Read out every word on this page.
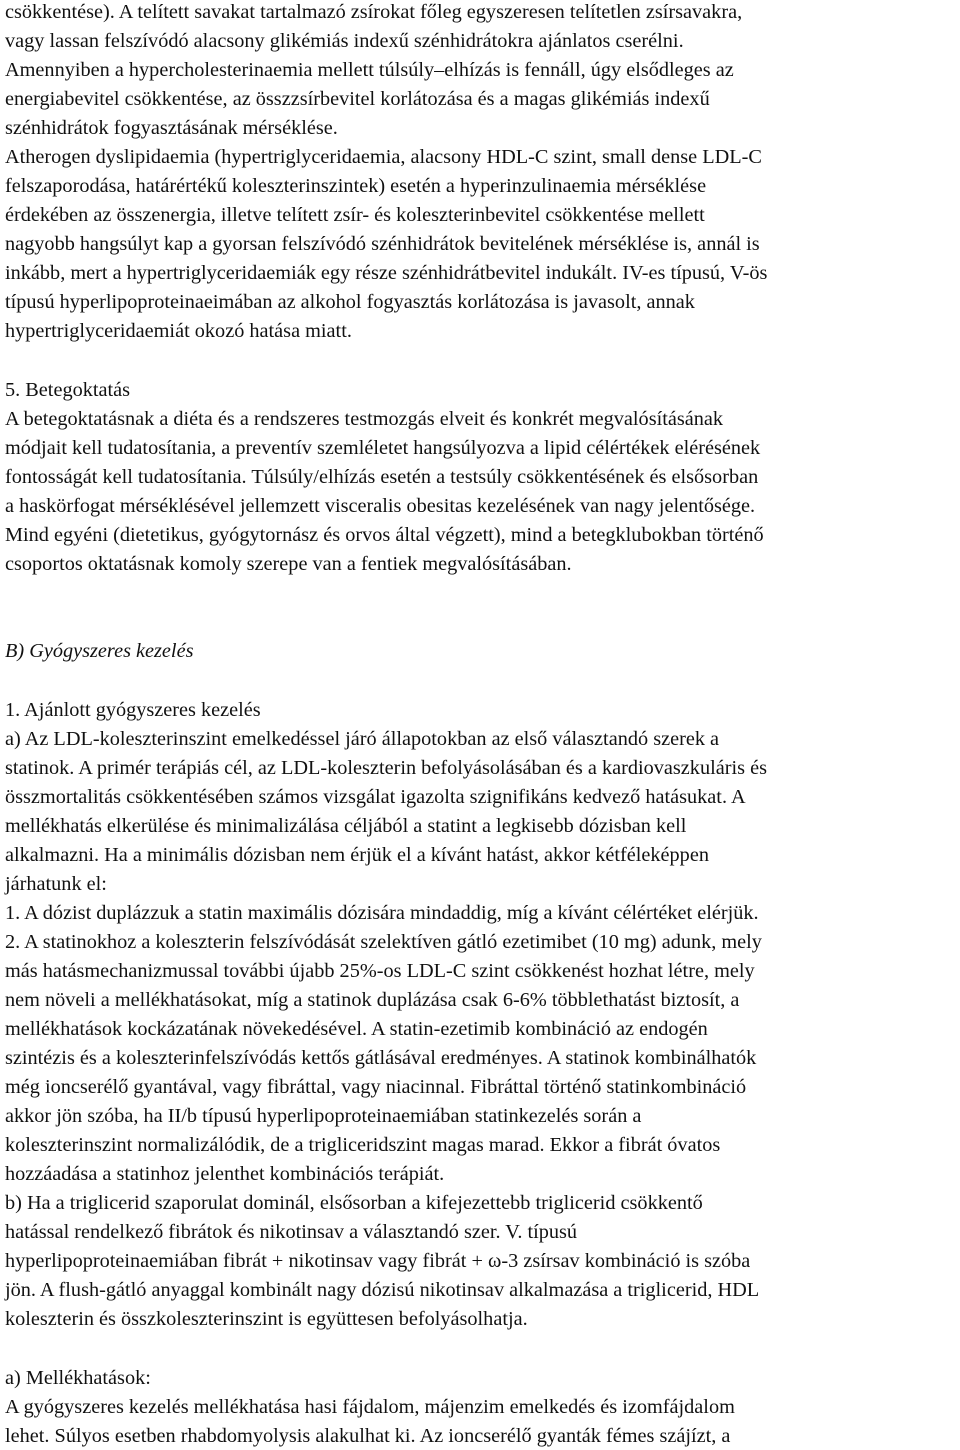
csökkentése). A telített savakat tartalmazó zsírokat főleg egyszeresen telítetlen zsírsavakra,
vagy lassan felszívódó alacsony glikémiás indexű szénhidrátokra ajánlatos cserélni.
Amennyiben a hypercholesterinaemia mellett túlsúly–elhízás is fennáll, úgy elsődleges az
energiabevitel csökkentése, az összzsírbevitel korlátozása és a magas glikémiás indexű
szénhidrátok fogyasztásának mérséklése.
Atherogen dyslipidaemia (hypertriglyceridaemia, alacsony HDL-C szint, small dense LDL-C
felszaporodása, határértékű koleszterinszintek) esetén a hyperinzulinaemia mérséklése
érdekében az összenergia, illetve telített zsír- és koleszterinbevitel csökkentése mellett
nagyobb hangsúlyt kap a gyorsan felszívódó szénhidrátok bevitelének mérséklése is, annál is
inkább, mert a hypertriglyceridaemiák egy része szénhidrátbevitel indukált. IV-es típusú, V-ös
típusú hyperlipoproteinaeimában az alkohol fogyasztás korlátozása is javasolt, annak
hypertriglyceridaemiát okozó hatása miatt.
5. Betegoktatás
A betegoktatásnak a diéta és a rendszeres testmozgás elveit és konkrét megvalósításának
módjait kell tudatosítania, a preventív szemléletet hangsúlyozva a lipid célértékek elérésének
fontosságát kell tudatosítania. Túlsúly/elhízás esetén a testsúly csökkentésének és elsősorban
a haskörfogat mérséklésével jellemzett visceralis obesitas kezelésének van nagy jelentősége.
Mind egyéni (dietetikus, gyógytornász és orvos által végzett), mind a betegklubokban történő
csoportos oktatásnak komoly szerepe van a fentiek megvalósításában.
B) Gyógyszeres kezelés
1. Ajánlott gyógyszeres kezelés
a) Az LDL-koleszterinszint emelkedéssel járó állapotokban az első választandó szerek a
statinok. A primér terápiás cél, az LDL-koleszterin befolyásolásában és a kardiovaszkuláris és
összmortalitás csökkentésében számos vizsgálat igazolta szignifikáns kedvező hatásukat. A
mellékhatás elkerülése és minimalizálása céljából a statint a legkisebb dózisban kell
alkalmazni. Ha a minimális dózisban nem érjük el a kívánt hatást, akkor kétféleképpen
járhatunk el:
1. A dózist duplázzuk a statin maximális dózisára mindaddig, míg a kívánt célértéket elérjük.
2. A statinokhoz a koleszterin felszívódását szelektíven gátló ezetimibet (10 mg) adunk, mely
más hatásmechanizmussal további újabb 25%-os LDL-C szint csökkenést hozhat létre, mely
nem növeli a mellékhatásokat, míg a statinok duplázása csak 6-6% többlethatást biztosít, a
mellékhatások kockázatának növekedésével. A statin-ezetimib kombináció az endogén
szintézis és a koleszterinfelszívódás kettős gátlásával eredményes. A statinok kombinálhatók
még ioncserélő gyantával, vagy fibráttal, vagy niacinnal. Fibráttal történő statinkombináció
akkor jön szóba, ha II/b típusú hyperlipoproteinaemiában statinkezelés során a
koleszterinszint normalizálódik, de a trigliceridszint magas marad. Ekkor a fibrát óvatos
hozzáadása a statinhoz jelenthet kombinációs terápiát.
b) Ha a triglicerid szaporulat dominál, elsősorban a kifejezettebb triglicerid csökkentő
hatással rendelkező fibrátok és nikotinsav a választandó szer. V. típusú
hyperlipoproteinaemiában fibrát + nikotinsav vagy fibrát + ω-3 zsírsav kombináció is szóba
jön. A flush-gátló anyaggal kombinált nagy dózisú nikotinsav alkalmazása a triglicerid, HDL
koleszterin és összkoleszterinszint is együttesen befolyásolhatja.
a) Mellékhatások:
A gyógyszeres kezelés mellékhatása hasi fájdalom, májenzim emelkedés és izomfájdalom
lehet. Súlyos esetben rhabdomyolysis alakulhat ki. Az ioncserélő gyanták fémes szájízt, a
